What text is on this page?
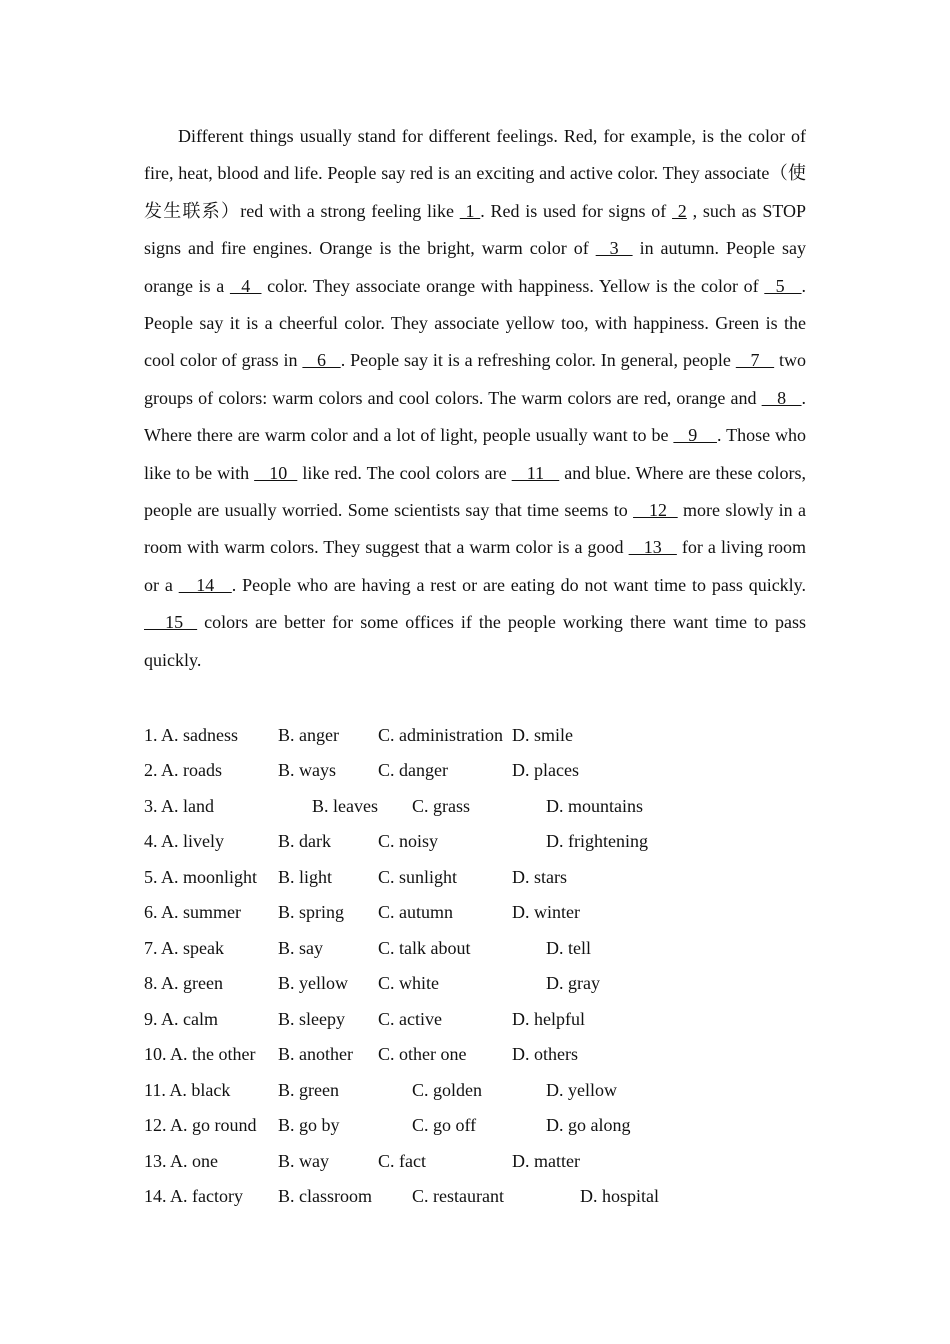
Different things usually stand for different feelings. Red, for example, is the color of fire, heat, blood and life. People say red is an exciting and active color. They associate（使发生联系）red with a strong feeling like  1 . Red is used for signs of  2 , such as STOP signs and fire engines. Orange is the bright, warm color of   3   in autumn. People say orange is a   4   color. They associate orange with happiness. Yellow is the color of   5   . People say it is a cheerful color. They associate yellow too, with happiness. Green is the cool color of grass in    6   . People say it is a refreshing color. In general, people    7    two groups of colors: warm colors and cool colors. The warm colors are red, orange and    8   . Where there are warm color and a lot of light, people usually want to be    9    . Those who like to be with    10   like red. The cool colors are    11    and blue. Where are these colors, people are usually worried. Some scientists say that time seems to    12   more slowly in a room with warm colors. They suggest that a warm color is a good    13    for a living room or a    14   . People who are having a rest or are eating do not want time to pass quickly.    15   colors are better for some offices if the people working there want time to pass quickly.

1. A. sadness B. anger C. administration D. smile
2. A. roads	B. ways C. danger	D. places
3. A. land	B. leaves C. grass	D. mountains
4. A. lively	B. dark	C. noisy	D. frightening
5. A. moonlight B. light	C. sunlight	D. stars
6. A. summer B. spring C. autumn	D. winter
7. A. speak	B. say	C. talk about	D. tell
8. A. green	B. yellow C. white	D. gray
9. A. calm	B. sleepy C. active	D. helpful
10. A. the other B. another C. other one	D. others
11. A. black	B. green	C. golden	D. yellow
12. A. go round B. go by	C. go off	D. go along
13. A. one	B. way	C. fact	D. matter
14. A. factory B. classroom C. restaurant	D. hospital
